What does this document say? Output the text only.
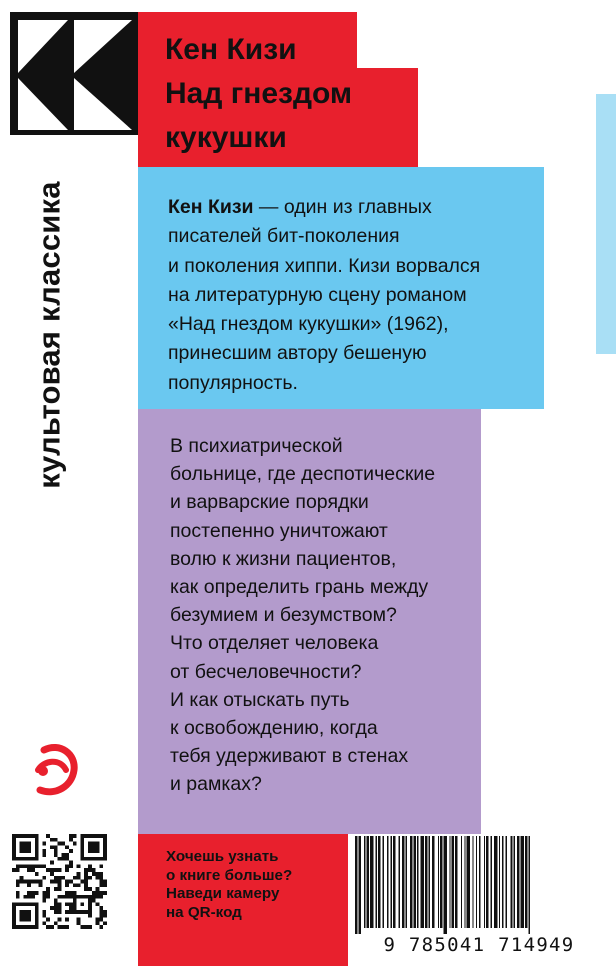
культовая классика

Кен Кизи
Над гнездом
кукушки

Кен Кизи — один из главных
писателей бит-поколения
и поколения хиппи. Кизи ворвался
на литературную сцену романом
«Над гнездом кукушки» (1962),
принесшим автору бешеную
популярность.

В психиатрической
больнице, где деспотические
и варварские порядки
постепенно уничтожают
волю к жизни пациентов,
как определить грань между
безумием и безумством?
Что отделяет человека
от бесчеловечности?
И как отыскать путь
к освобождению, когда
тебя удерживают в стенах
и рамках?

Хочешь узнать
о книге больше?
Наведи камеру
на QR-код

9 785041 714949
